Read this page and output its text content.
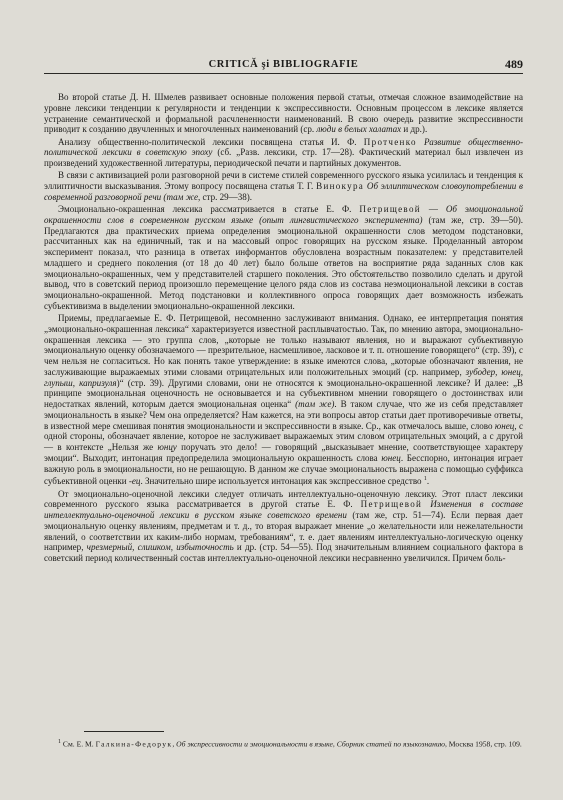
CRITICĂ şi BIBLIOGRAFIE	489

Во второй статье Д. Н. Шмелев развивает основные положения первой статьи, отмечая сложное взаимодействие на уровне лексики тенденции к регулярности и тенденции к экспрессивности. Основным процессом в лексике является устранение семантической и формальной расчлененности наименований. В свою очередь развитие экспрессивности приводит к созданию двучленных и многочленных наименований (ср. люди в белых халатах и др.).

Анализу общественно-политической лексики посвящена статья И. Ф. Протченко Развитие общественно-политической лексики в советскую эпоху (сб. „Разв. лексики, стр. 17—28). Фактический материал был извлечен из произведений художественной литературы, периодической печати и партийных документов.

В связи с активизацией роли разговорной речи в системе стилей современного русского языка усилилась и тенденция к эллиптичности высказывания. Этому вопросу посвящена статья Т. Г. Винокура Об эллиптическом словоупотреблении в современной разговорной речи (там же, стр. 29—38).

Эмоционально-окрашенная лексика рассматривается в статье Е. Ф. Петрищевой — Об эмоциональной окрашенности слов в современном русском языке (опыт лингвистического эксперимента) (там же, стр. 39—50). Предлагаются два практических приема определения эмоциональной окрашенности слов методом подстановки, рассчитанных как на единичный, так и на массовый опрос говорящих на русском языке. Проделанный автором эксперимент показал, что разница в ответах информантов обусловлена возрастным показателем: у представителей младшего и среднего поколения (от 18 до 40 лет) было больше ответов на восприятие ряда заданных слов как эмоционально-окрашенных, чем у представителей старшего поколения. Это обстоятельство позволило сделать и другой вывод, что в советский период произошло перемещение целого ряда слов из состава неэмоциональной лексики в состав эмоционально-окрашенной. Метод подстановки и коллективного опроса говорящих дает возможность избежать субъективизма в выделении эмоционально-окрашенной лексики.

Приемы, предлагаемые Е. Ф. Петрищевой, несомненно заслуживают внимания. Однако, ее интерпретация понятия „эмоционально-окрашенная лексика“ характеризуется известной расплывчатостью. Так, по мнению автора, эмоционально-окрашенная лексика — это группа слов, „которые не только называют явления, но и выражают субъективную эмоциональную оценку обозначаемого — презрительное, насмешливое, ласковое и т. п. отношение говорящего“ (стр. 39), с чем нельзя не согласиться. Но как понять такое утверждение: в языке имеются слова, „которые обозначают явления, не заслуживающие выражаемых этими словами отрицательных или положительных эмоций (ср. например, зубодер, юнец, глупыш, капризуля)“ (стр. 39). Другими словами, они не относятся к эмоционально-окрашенной лексике? И далее: „В принципе эмоциональная оценочность не основывается и на субъективном мнении говорящего о достоинствах или недостатках явлений, которым дается эмоциональная оценка“ (там же). В таком случае, что же из себя представляет эмоциональность в языке? Чем она определяется? Нам кажется, на эти вопросы автор статьи дает противоречивые ответы, в известной мере смешивая понятия эмоциональности и экспрессивности в языке. Ср., как отмечалось выше, слово юнец, с одной стороны, обозначает явление, которое не заслуживает выражаемых этим словом отрицательных эмоций, а с другой — в контексте „Нельзя же юнцу поручать это дело! — говорящий „высказывает мнение, соответствующее характеру эмоции“. Выходит, интонация предопределила эмоциональную окрашенность слова юнец. Бесспорно, интонация играет важную роль в эмоциональности, но не решающую. В данном же случае эмоциональность выражена с помощью суффикса субъективной оценки -ец. Значительно шире используется интонация как экспрессивное средство $^1$.

От эмоционально-оценочной лексики следует отличать интеллектуально-оценочную лексику. Этот пласт лексики современного русского языка рассматривается в другой статье Е. Ф. Петрищевой Изменения в составе интеллектуально-оценочной лексики в русском языке советского времени (там же, стр. 51—74). Если первая дает эмоциональную оценку явлениям, предметам и т. д., то вторая выражает мнение „о желательности или нежелательности явлений, о соответствии их каким-либо нормам, требованиям“, т. е. дает явлениям интеллектуально-логическую оценку например, чрезмерный, слишком, избыточность и др. (стр. 54—55). Под значительным влиянием социального фактора в советский период количественный состав интеллектуально-оценочной лексики несравненно увеличился. Причем боль-

$^1$ См. Е. М. Галкина-Федорук, Об экспрессивности и эмоциональности в языке, Сборник статей по языкознанию, Москва 1958, стр. 109.
